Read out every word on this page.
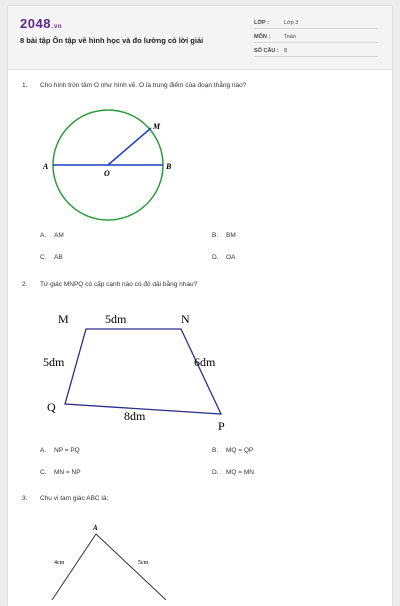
2048.vn
8 bài tập Ôn tập về hình học và đo lường có lời giải
LỚP :	Lớp 3
MÔN :	Toán
SỐ CÂU : 8
1. Cho hình tròn tâm O như hình vẽ. O là trung điểm của đoạn thẳng nào?
A	B
O
M
A. AM	B. BM
C. AB	D. OA
2. Tứ giác MNPQ có cặp cạnh nào có độ dài bằng nhau?
M	N
P
Q
5dm
5dm	6dm
8dm
A. NP = PQ	B. MQ = QP
C. MN = NP	D. MQ = MN
3. Chu vi tam giác ABC là:
A
4cm	5cm
